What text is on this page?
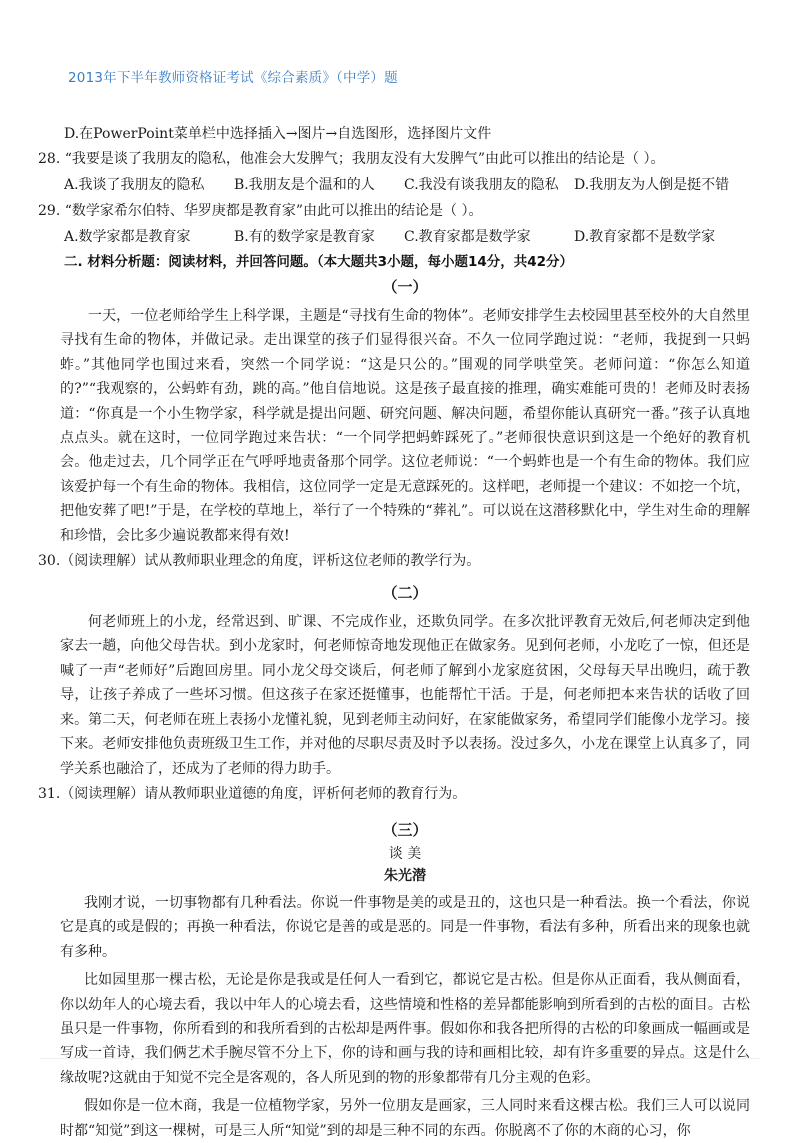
2013年下半年教师资格证考试《综合素质》（中学）题
D.在PowerPoint菜单栏中选择插入→图片→自选图形，选择图片文件
28. “我要是谈了我朋友的隐私，他准会大发脾气；我朋友没有大发脾气”由此可以推出的结论是（ ）。
A.我谈了我朋友的隐私	B.我朋友是个温和的人	C.我没有谈我朋友的隐私	D.我朋友为人倒是挺不错
29. “数学家希尔伯特、华罗庚都是教育家”由此可以推出的结论是（ ）。
A.数学家都是教育家	B.有的数学家是教育家	C.教育家都是数学家	D.教育家都不是数学家
二. 材料分析题：阅读材料，并回答问题。（本大题共3小题，每小题14分，共42分）
（一）

一天，一位老师给学生上科学课，主题是“寻找有生命的物体”。老师安排学生去校园里甚至校外的大自然里寻找有生命的物体，并做记录。走出课堂的孩子们显得很兴奋。不久一位同学跑过说：“老师，我捉到一只蚂蚱。”其他同学也围过来看，突然一个同学说：“这是只公的。”围观的同学哄堂笑。老师问道：“你怎么知道的?”“我观察的，公蚂蚱有劲，跳的高。”他自信地说。这是孩子最直接的推理，确实难能可贵的！老师及时表扬道：“你真是一个小生物学家，科学就是提出问题、研究问题、解决问题，希望你能认真研究一番。”孩子认真地点点头。就在这时，一位同学跑过来告状：“一个同学把蚂蚱踩死了。”老师很快意识到这是一个绝好的教育机会。他走过去，几个同学正在气呼呼地责备那个同学。这位老师说：“一个蚂蚱也是一个有生命的物体。我们应该爱护每一个有生命的物体。我相信，这位同学一定是无意踩死的。这样吧，老师提一个建议：不如挖一个坑，把他安葬了吧!”于是，在学校的草地上，举行了一个特殊的“葬礼”。可以说在这潜移默化中，学生对生命的理解和珍惜，会比多少遍说教都来得有效!

30.（阅读理解）试从教师职业理念的角度，评析这位老师的教学行为。
（二）

何老师班上的小龙，经常迟到、旷课、不完成作业，还欺负同学。在多次批评教育无效后,何老师决定到他家去一趟，向他父母告状。到小龙家时，何老师惊奇地发现他正在做家务。见到何老师，小龙吃了一惊，但还是喊了一声“老师好”后跑回房里。同小龙父母交谈后，何老师了解到小龙家庭贫困，父母每天早出晚归，疏于教导，让孩子养成了一些坏习惯。但这孩子在家还挺懂事，也能帮忙干活。于是，何老师把本来告状的话收了回来。第二天，何老师在班上表扬小龙懂礼貌，见到老师主动问好，在家能做家务，希望同学们能像小龙学习。接下来。老师安排他负责班级卫生工作，并对他的尽职尽责及时予以表扬。没过多久，小龙在课堂上认真多了，同学关系也融洽了，还成为了老师的得力助手。

31.（阅读理解）请从教师职业道德的角度，评析何老师的教育行为。
（三）
谈 美
朱光潜

我刚才说，一切事物都有几种看法。你说一件事物是美的或是丑的，这也只是一种看法。换一个看法，你说它是真的或是假的；再换一种看法，你说它是善的或是恶的。同是一件事物，看法有多种，所看出来的现象也就有多种。

比如园里那一棵古松，无论是你是我或是任何人一看到它，都说它是古松。但是你从正面看，我从侧面看，你以幼年人的心境去看，我以中年人的心境去看，这些情境和性格的差异都能影响到所看到的古松的面目。古松虽只是一件事物，你所看到的和我所看到的古松却是两件事。假如你和我各把所得的古松的印象画成一幅画或是写成一首诗，我们俩艺术手腕尽管不分上下，你的诗和画与我的诗和画相比较，却有许多重要的异点。这是什么缘故呢?这就由于知觉不完全是客观的，各人所见到的物的形象都带有几分主观的色彩。

假如你是一位木商，我是一位植物学家，另外一位朋友是画家，三人同时来看这棵古松。我们三人可以说同时都“知觉”到这一棵树，可是三人所“知觉”到的却是三种不同的东西。你脱离不了你的木商的心习，你
